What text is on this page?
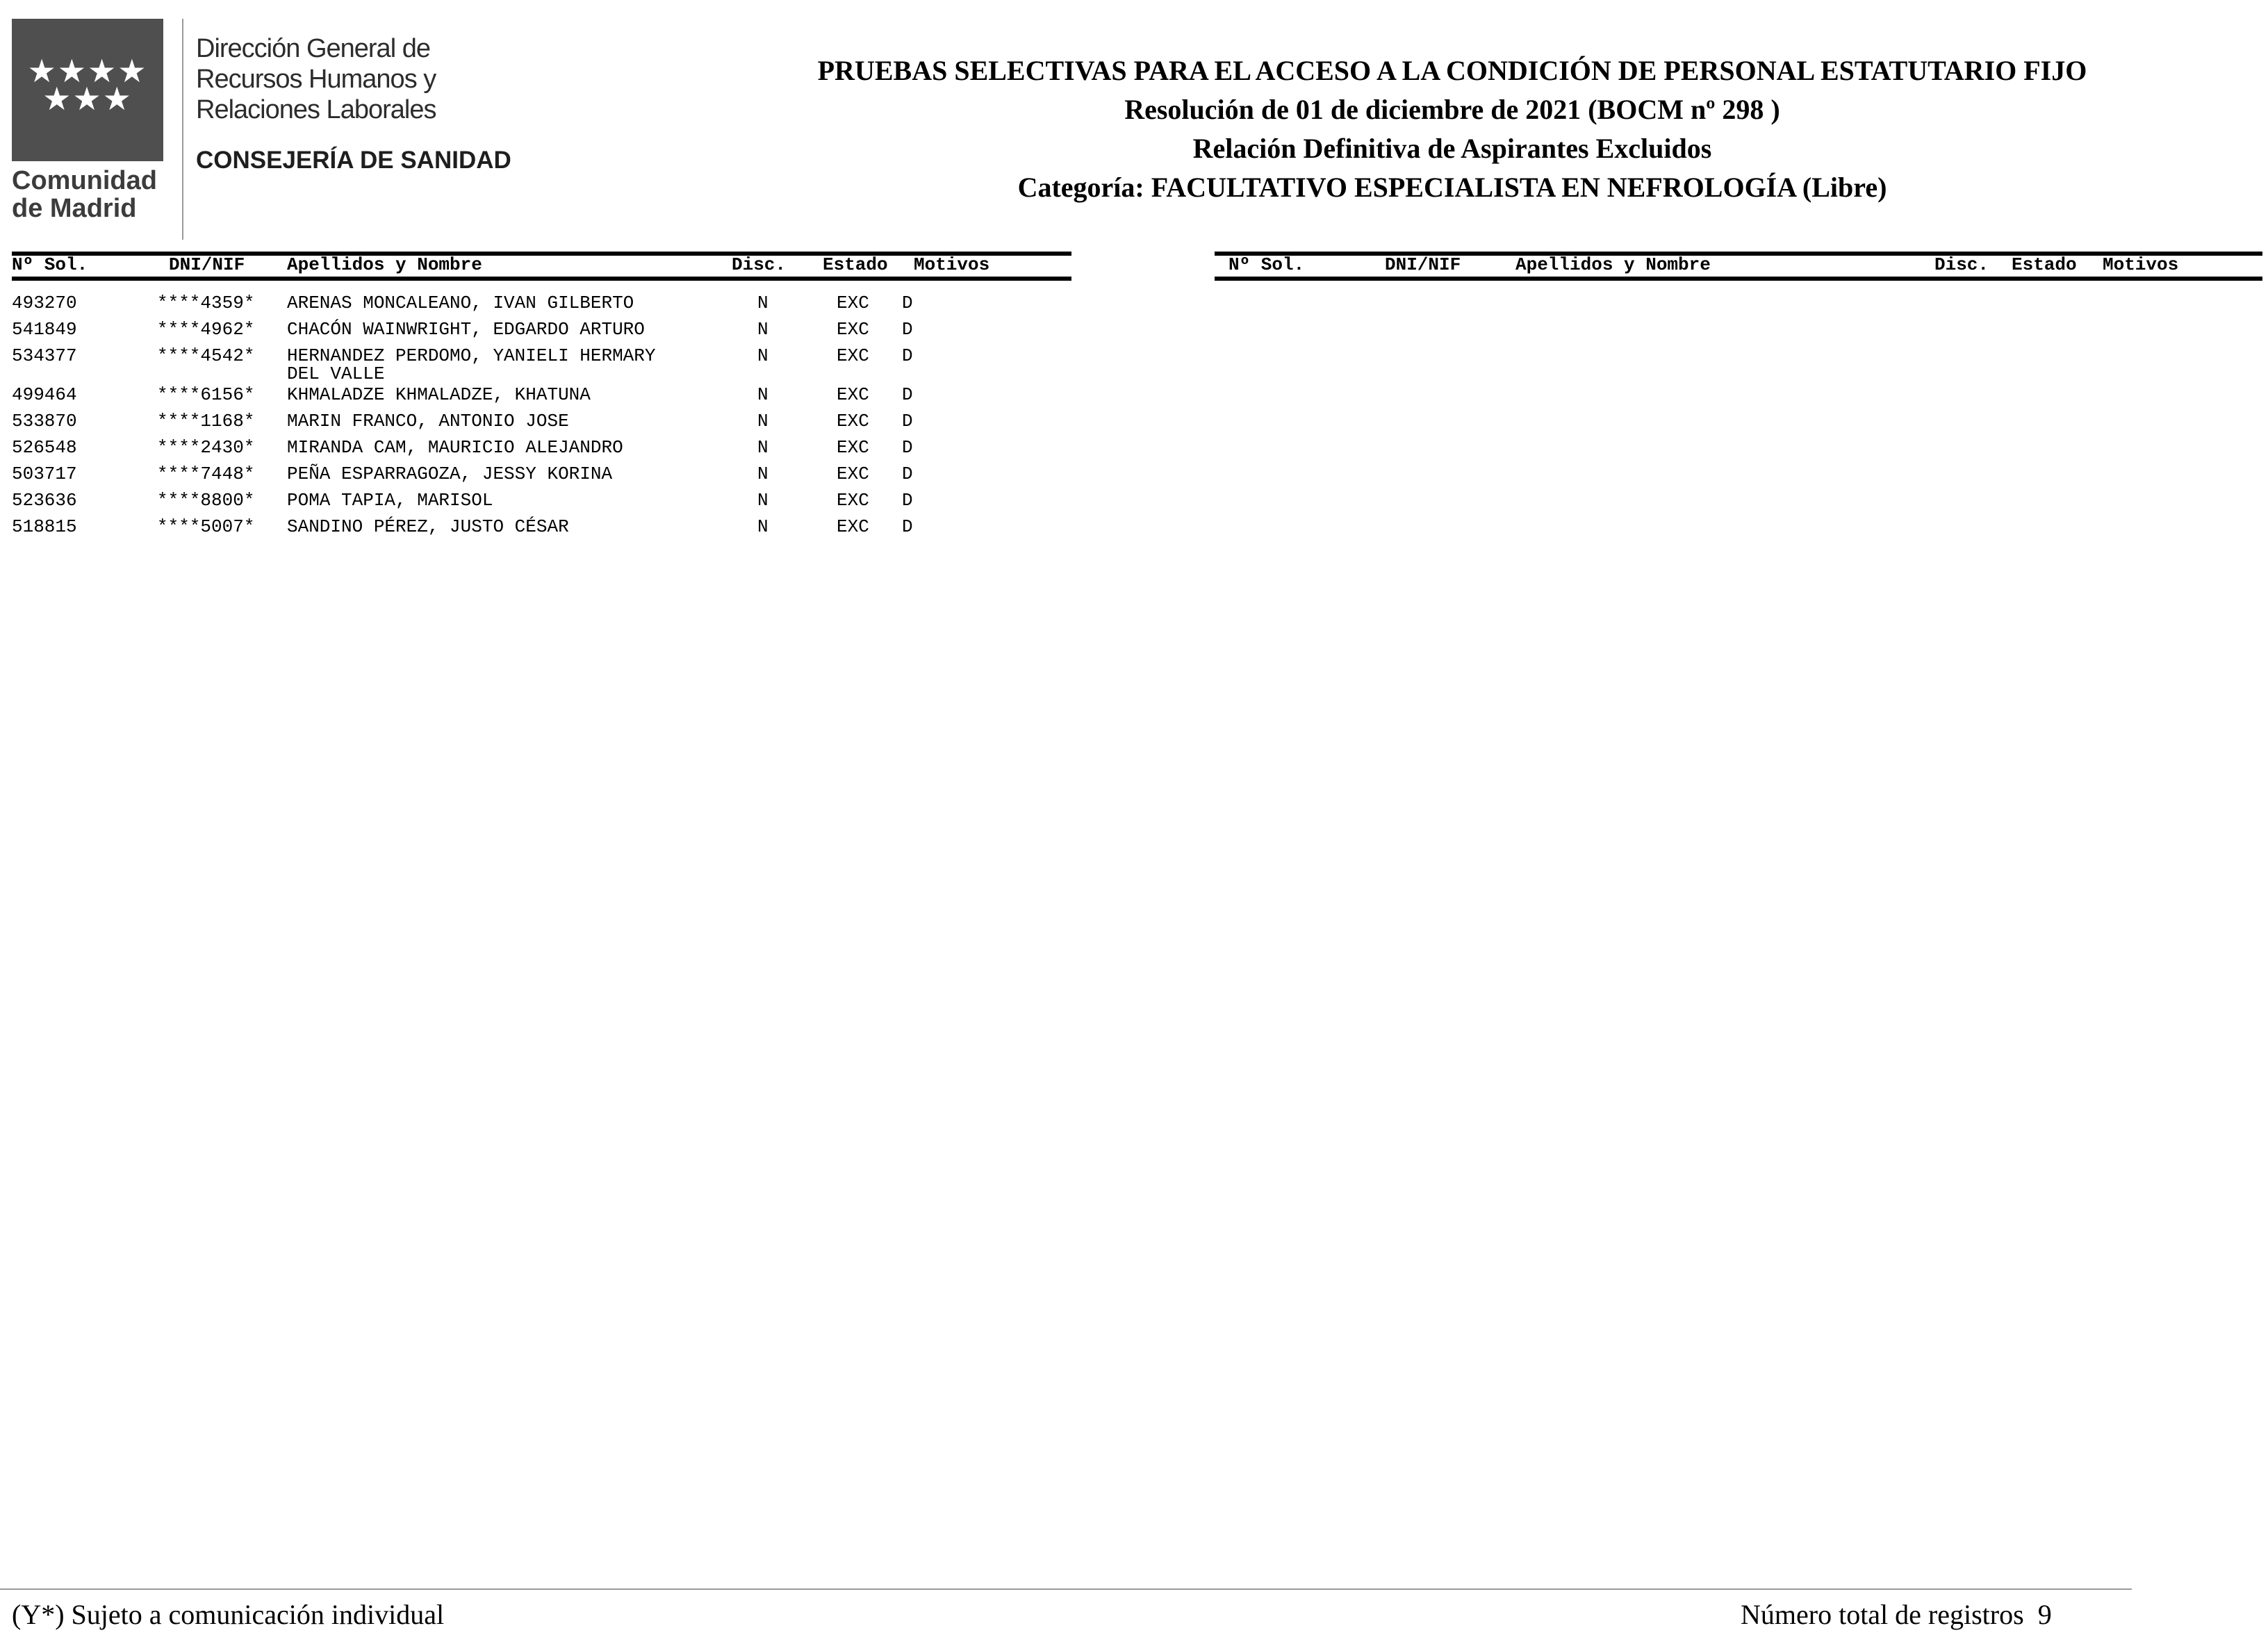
★★★★
★★★
Comunidad
de Madrid
Dirección General de
Recursos Humanos y
Relaciones Laborales
CONSEJERÍA DE SANIDAD
PRUEBAS SELECTIVAS PARA EL ACCESO A LA CONDICIÓN DE PERSONAL ESTATUTARIO FIJO
Resolución de 01 de diciembre de 2021 (BOCM nº 298 )
Relación Definitiva de Aspirantes Excluidos
Categoría: FACULTATIVO ESPECIALISTA EN NEFROLOGÍA (Libre)
Nº Sol.	DNI/NIF Apellidos y Nombre	Disc. Estado Motivos	Nº Sol.	DNI/NIF	Apellidos y Nombre	Disc. Estado Motivos
493270	****4359* ARENAS MONCALEANO, IVAN GILBERTO	N	EXC D
541849	****4962* CHACÓN WAINWRIGHT, EDGARDO ARTURO	N	EXC D
534377	****4542* HERNANDEZ PERDOMO, YANIELI HERMARY	N	EXC D
DEL VALLE
499464	****6156* KHMALADZE KHMALADZE, KHATUNA	N	EXC D
533870	****1168* MARIN FRANCO, ANTONIO JOSE	N	EXC D
526548	****2430* MIRANDA CAM, MAURICIO ALEJANDRO	N	EXC D
503717	****7448* PEÑA ESPARRAGOZA, JESSY KORINA	N	EXC D
523636	****8800* POMA TAPIA, MARISOL	N	EXC D
518815	****5007* SANDINO PÉREZ, JUSTO CÉSAR	N	EXC D
(Y*) Sujeto a comunicación individual	Número total de registros 9
